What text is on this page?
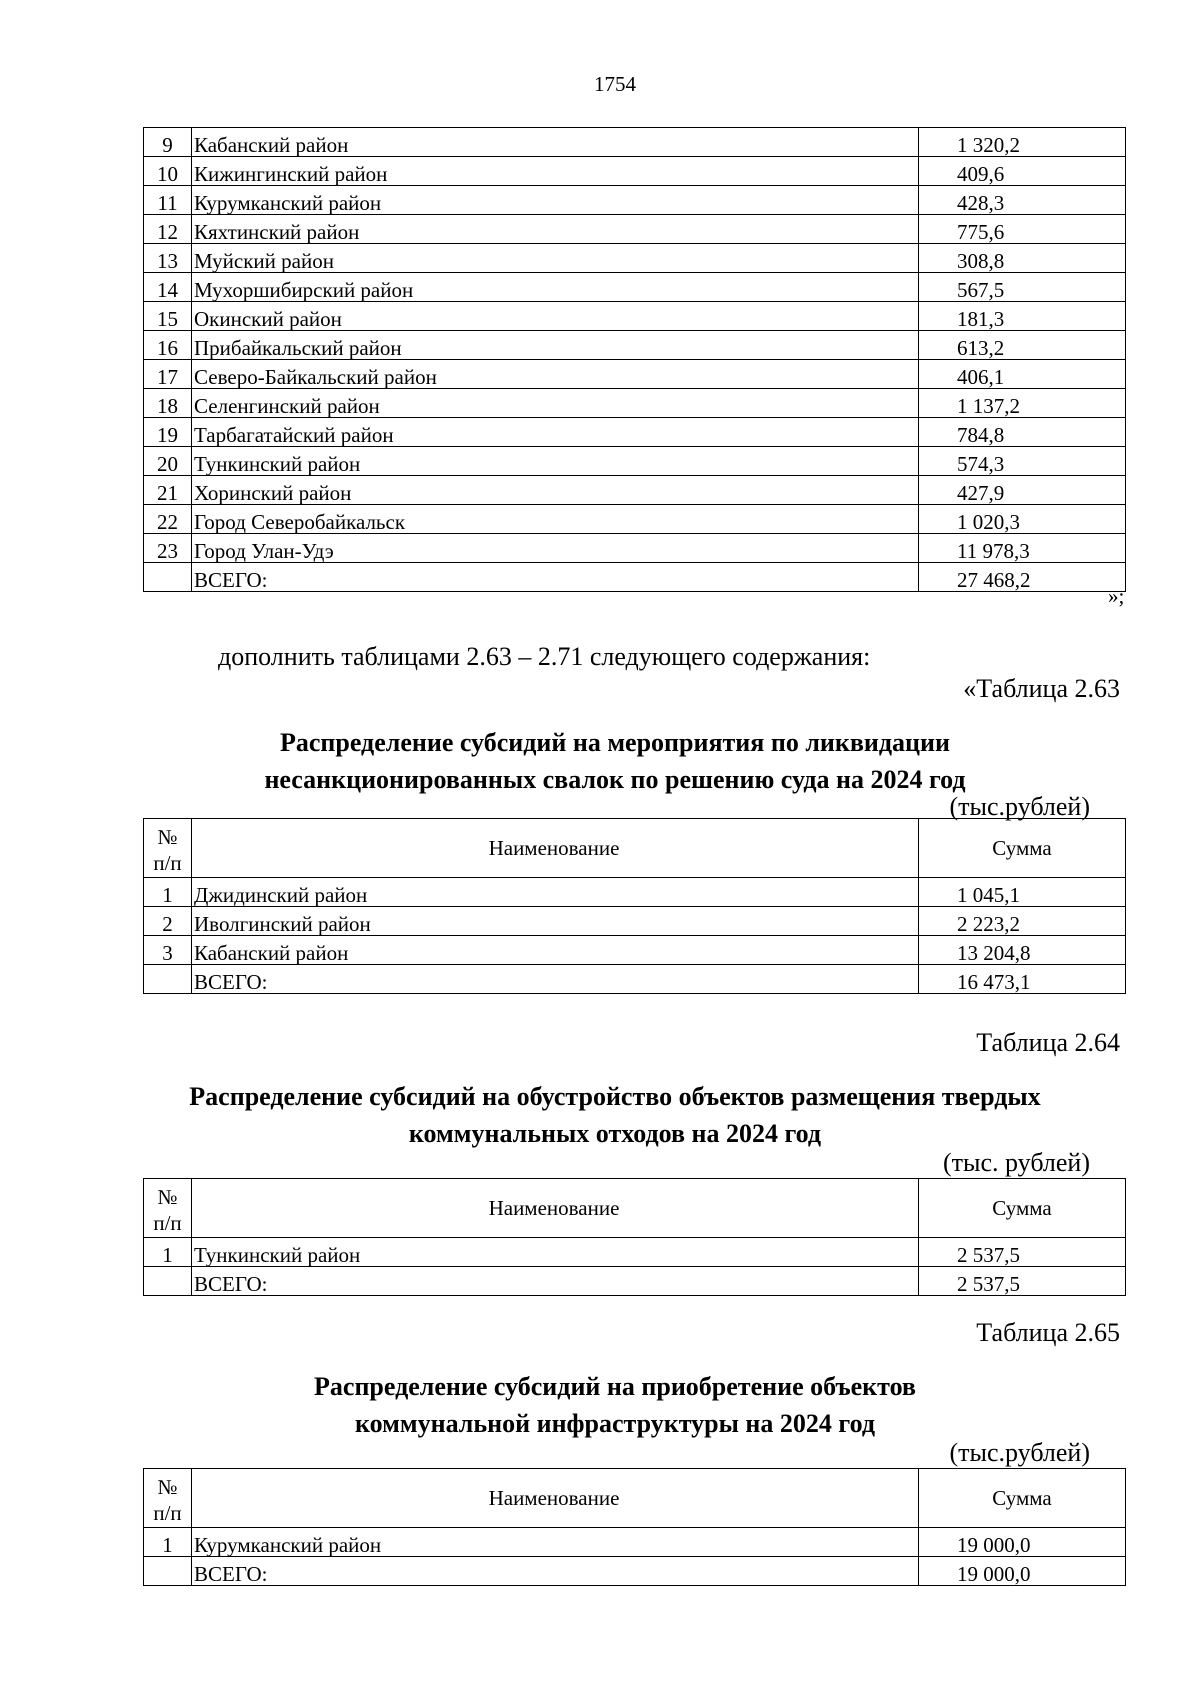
1754
9	Кабанский район	1 320,2
10	Кижингинский район	409,6
11	Курумканский район	428,3
12	Кяхтинский район	775,6
13	Муйский район	308,8
14	Мухоршибирский район	567,5
15	Окинский район	181,3
16	Прибайкальский район	613,2
17	Северо-Байкальский район	406,1
18	Селенгинский район	1 137,2
19	Тарбагатайский район	784,8
20	Тункинский район	574,3
21	Хоринский район	427,9
22	Город Северобайкальск	1 020,3
23	Город Улан-Удэ	11 978,3
	ВСЕГО:	27 468,2
»;
дополнить таблицами 2.63 – 2.71 следующего содержания:
«Таблица 2.63
Распределение субсидий на мероприятия по ликвидации
несанкционированных свалок по решению суда на 2024 год
(тыс.рублей)
№
п/п	Наименование	Сумма
1	Джидинский район	1 045,1
2	Иволгинский район	2 223,2
3	Кабанский район	13 204,8
	ВСЕГО:	16 473,1
Таблица 2.64
Распределение субсидий на обустройство объектов размещения твердых
коммунальных отходов на 2024 год
(тыс. рублей)
№
п/п	Наименование	Сумма
1	Тункинский район	2 537,5
	ВСЕГО:	2 537,5
Таблица 2.65
Распределение субсидий на приобретение объектов
коммунальной инфраструктуры на 2024 год
(тыс.рублей)
№
п/п	Наименование	Сумма
1	Курумканский район	19 000,0
	ВСЕГО:	19 000,0
